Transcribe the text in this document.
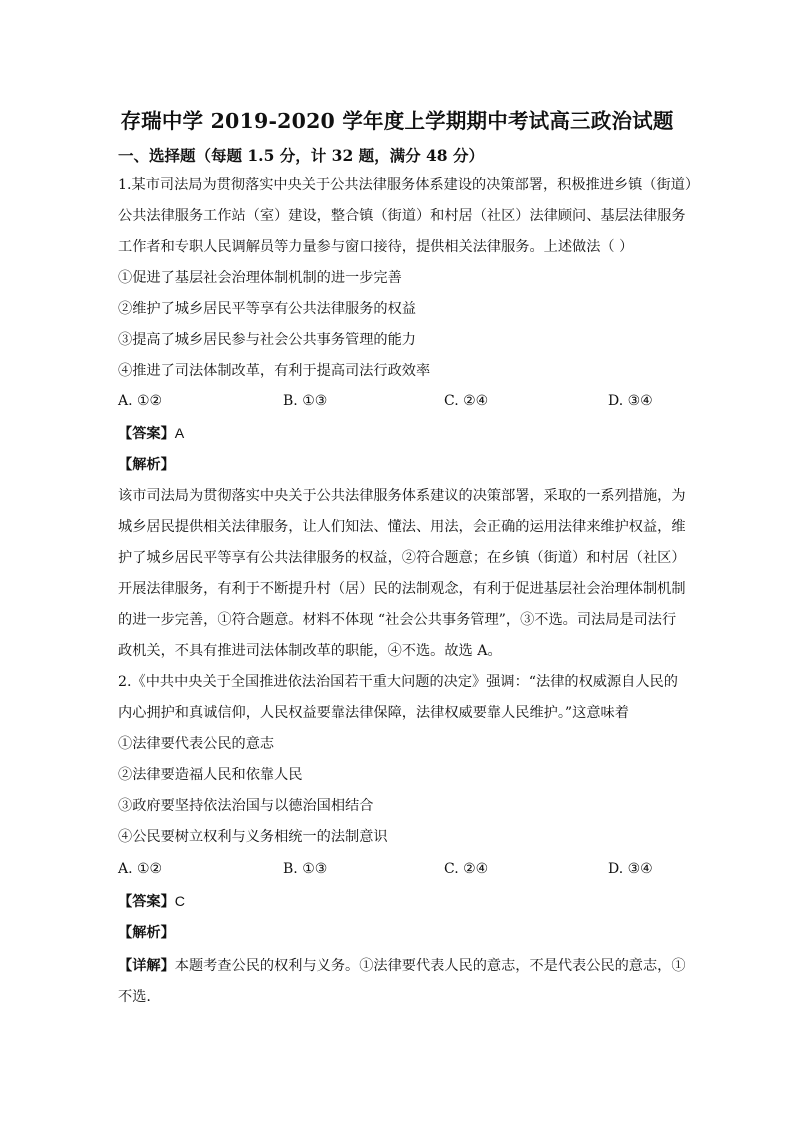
存瑞中学 2019-2020 学年度上学期期中考试高三政治试题
一、选择题（每题 1.5 分，计 32 题，满分 48 分）
1.某市司法局为贯彻落实中央关于公共法律服务体系建设的决策部署，积极推进乡镇（街道）
公共法律服务工作站（室）建设，整合镇（街道）和村居（社区）法律顾问、基层法律服务
工作者和专职人民调解员等力量参与窗口接待，提供相关法律服务。上述做法（ ）
①促进了基层社会治理体制机制的进一步完善
②维护了城乡居民平等享有公共法律服务的权益
③提高了城乡居民参与社会公共事务管理的能力
④推进了司法体制改革，有利于提高司法行政效率
A. ①②	B. ①③	C. ②④	D. ③④
【答案】A
【解析】
该市司法局为贯彻落实中央关于公共法律服务体系建议的决策部署，采取的一系列措施，为
城乡居民提供相关法律服务，让人们知法、懂法、用法，会正确的运用法律来维护权益，维
护了城乡居民平等享有公共法律服务的权益，②符合题意；在乡镇（街道）和村居（社区）
开展法律服务，有利于不断提升村（居）民的法制观念，有利于促进基层社会治理体制机制
的进一步完善，①符合题意。材料不体现 “社会公共事务管理”，③不选。司法局是司法行
政机关，不具有推进司法体制改革的职能，④不选。故选 A。
2.《中共中央关于全国推进依法治国若干重大问题的决定》强调：“法律的权威源自人民的
内心拥护和真诚信仰，人民权益要靠法律保障，法律权威要靠人民维护。”这意味着
①法律要代表公民的意志
②法律要造福人民和依靠人民
③政府要坚持依法治国与以德治国相结合
④公民要树立权利与义务相统一的法制意识
A. ①②	B. ①③	C. ②④	D. ③④
【答案】C
【解析】
【详解】本题考查公民的权利与义务。①法律要代表人民的意志，不是代表公民的意志，①
不选.
